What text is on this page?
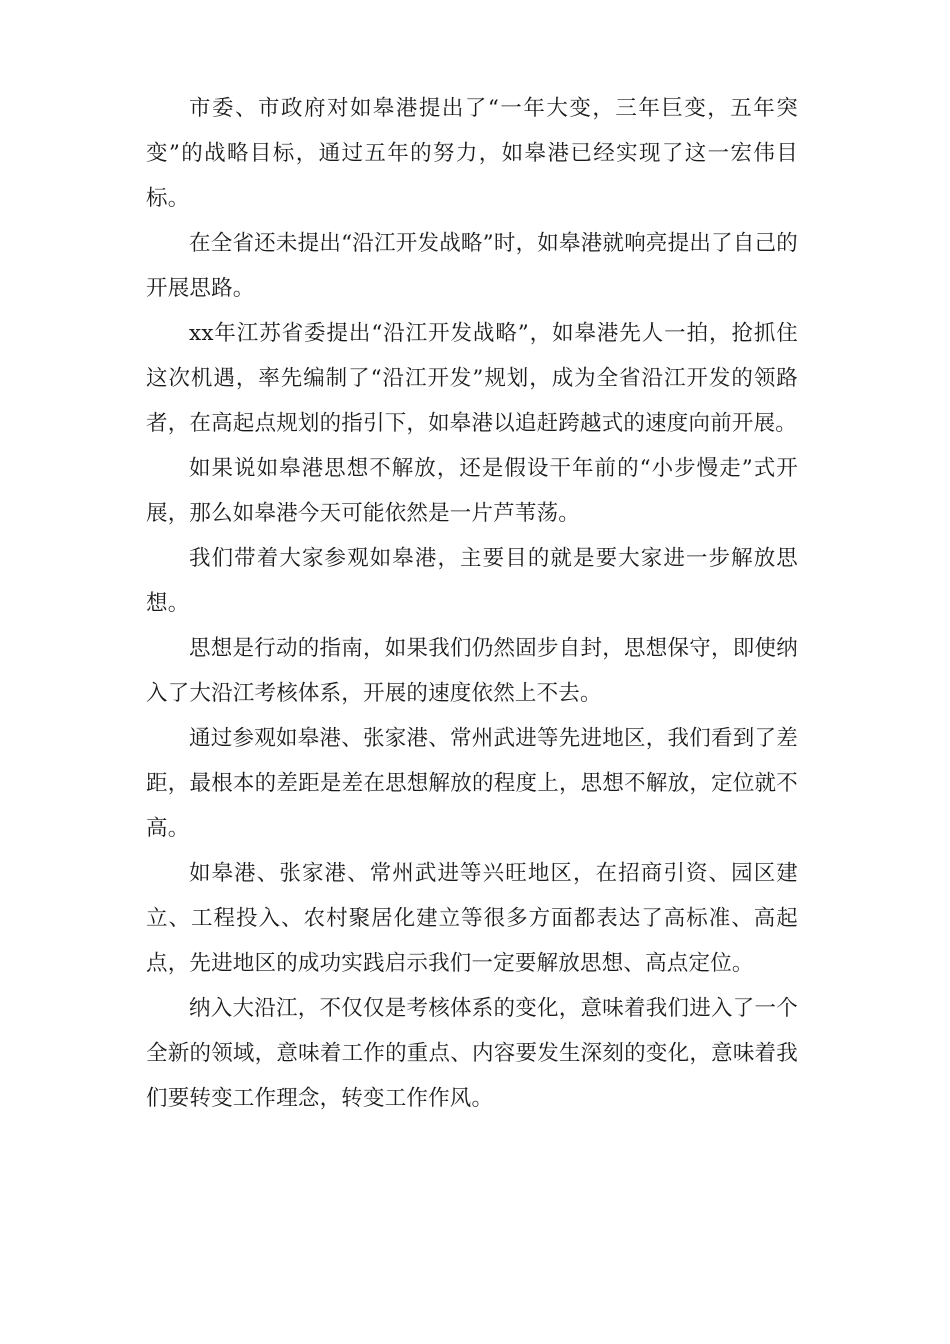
市委、市政府对如皋港提出了“一年大变，三年巨变，五年突变”的战略目标，通过五年的努力，如皋港已经实现了这一宏伟目标。

在全省还未提出“沿江开发战略”时，如皋港就响亮提出了自己的开展思路。

xx年江苏省委提出“沿江开发战略”，如皋港先人一拍，抢抓住这次机遇，率先编制了“沿江开发”规划，成为全省沿江开发的领路者，在高起点规划的指引下，如皋港以追赶跨越式的速度向前开展。

如果说如皋港思想不解放，还是假设干年前的“小步慢走”式开展，那么如皋港今天可能依然是一片芦苇荡。

我们带着大家参观如皋港，主要目的就是要大家进一步解放思想。

思想是行动的指南，如果我们仍然固步自封，思想保守，即使纳入了大沿江考核体系，开展的速度依然上不去。

通过参观如皋港、张家港、常州武进等先进地区，我们看到了差距，最根本的差距是差在思想解放的程度上，思想不解放，定位就不高。

如皋港、张家港、常州武进等兴旺地区，在招商引资、园区建立、工程投入、农村聚居化建立等很多方面都表达了高标准、高起点，先进地区的成功实践启示我们一定要解放思想、高点定位。

纳入大沿江，不仅仅是考核体系的变化，意味着我们进入了一个全新的领域，意味着工作的重点、内容要发生深刻的变化，意味着我们要转变工作理念，转变工作作风。
